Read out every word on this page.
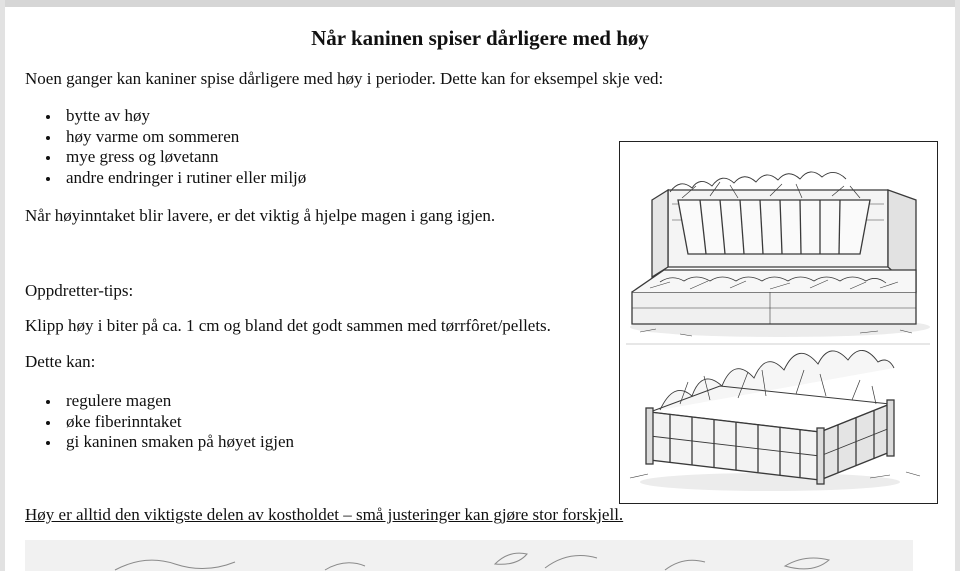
Når kaninen spiser dårligere med høy

Noen ganger kan kaniner spise dårligere med høy i perioder. Dette kan for eksempel skje ved:

bytte av høy
høy varme om sommeren
mye gress og løvetann
andre endringer i rutiner eller miljø

Når høyinntaket blir lavere, er det viktig å hjelpe magen i gang igjen.

Oppdretter-tips:

Klipp høy i biter på ca. 1 cm og bland det godt sammen med tørrfôret/pellets.

Dette kan:

regulere magen
øke fiberinntaket
gi kaninen smaken på høyet igjen

Høy er alltid den viktigste delen av kostholdet – små justeringer kan gjøre stor forskjell.
